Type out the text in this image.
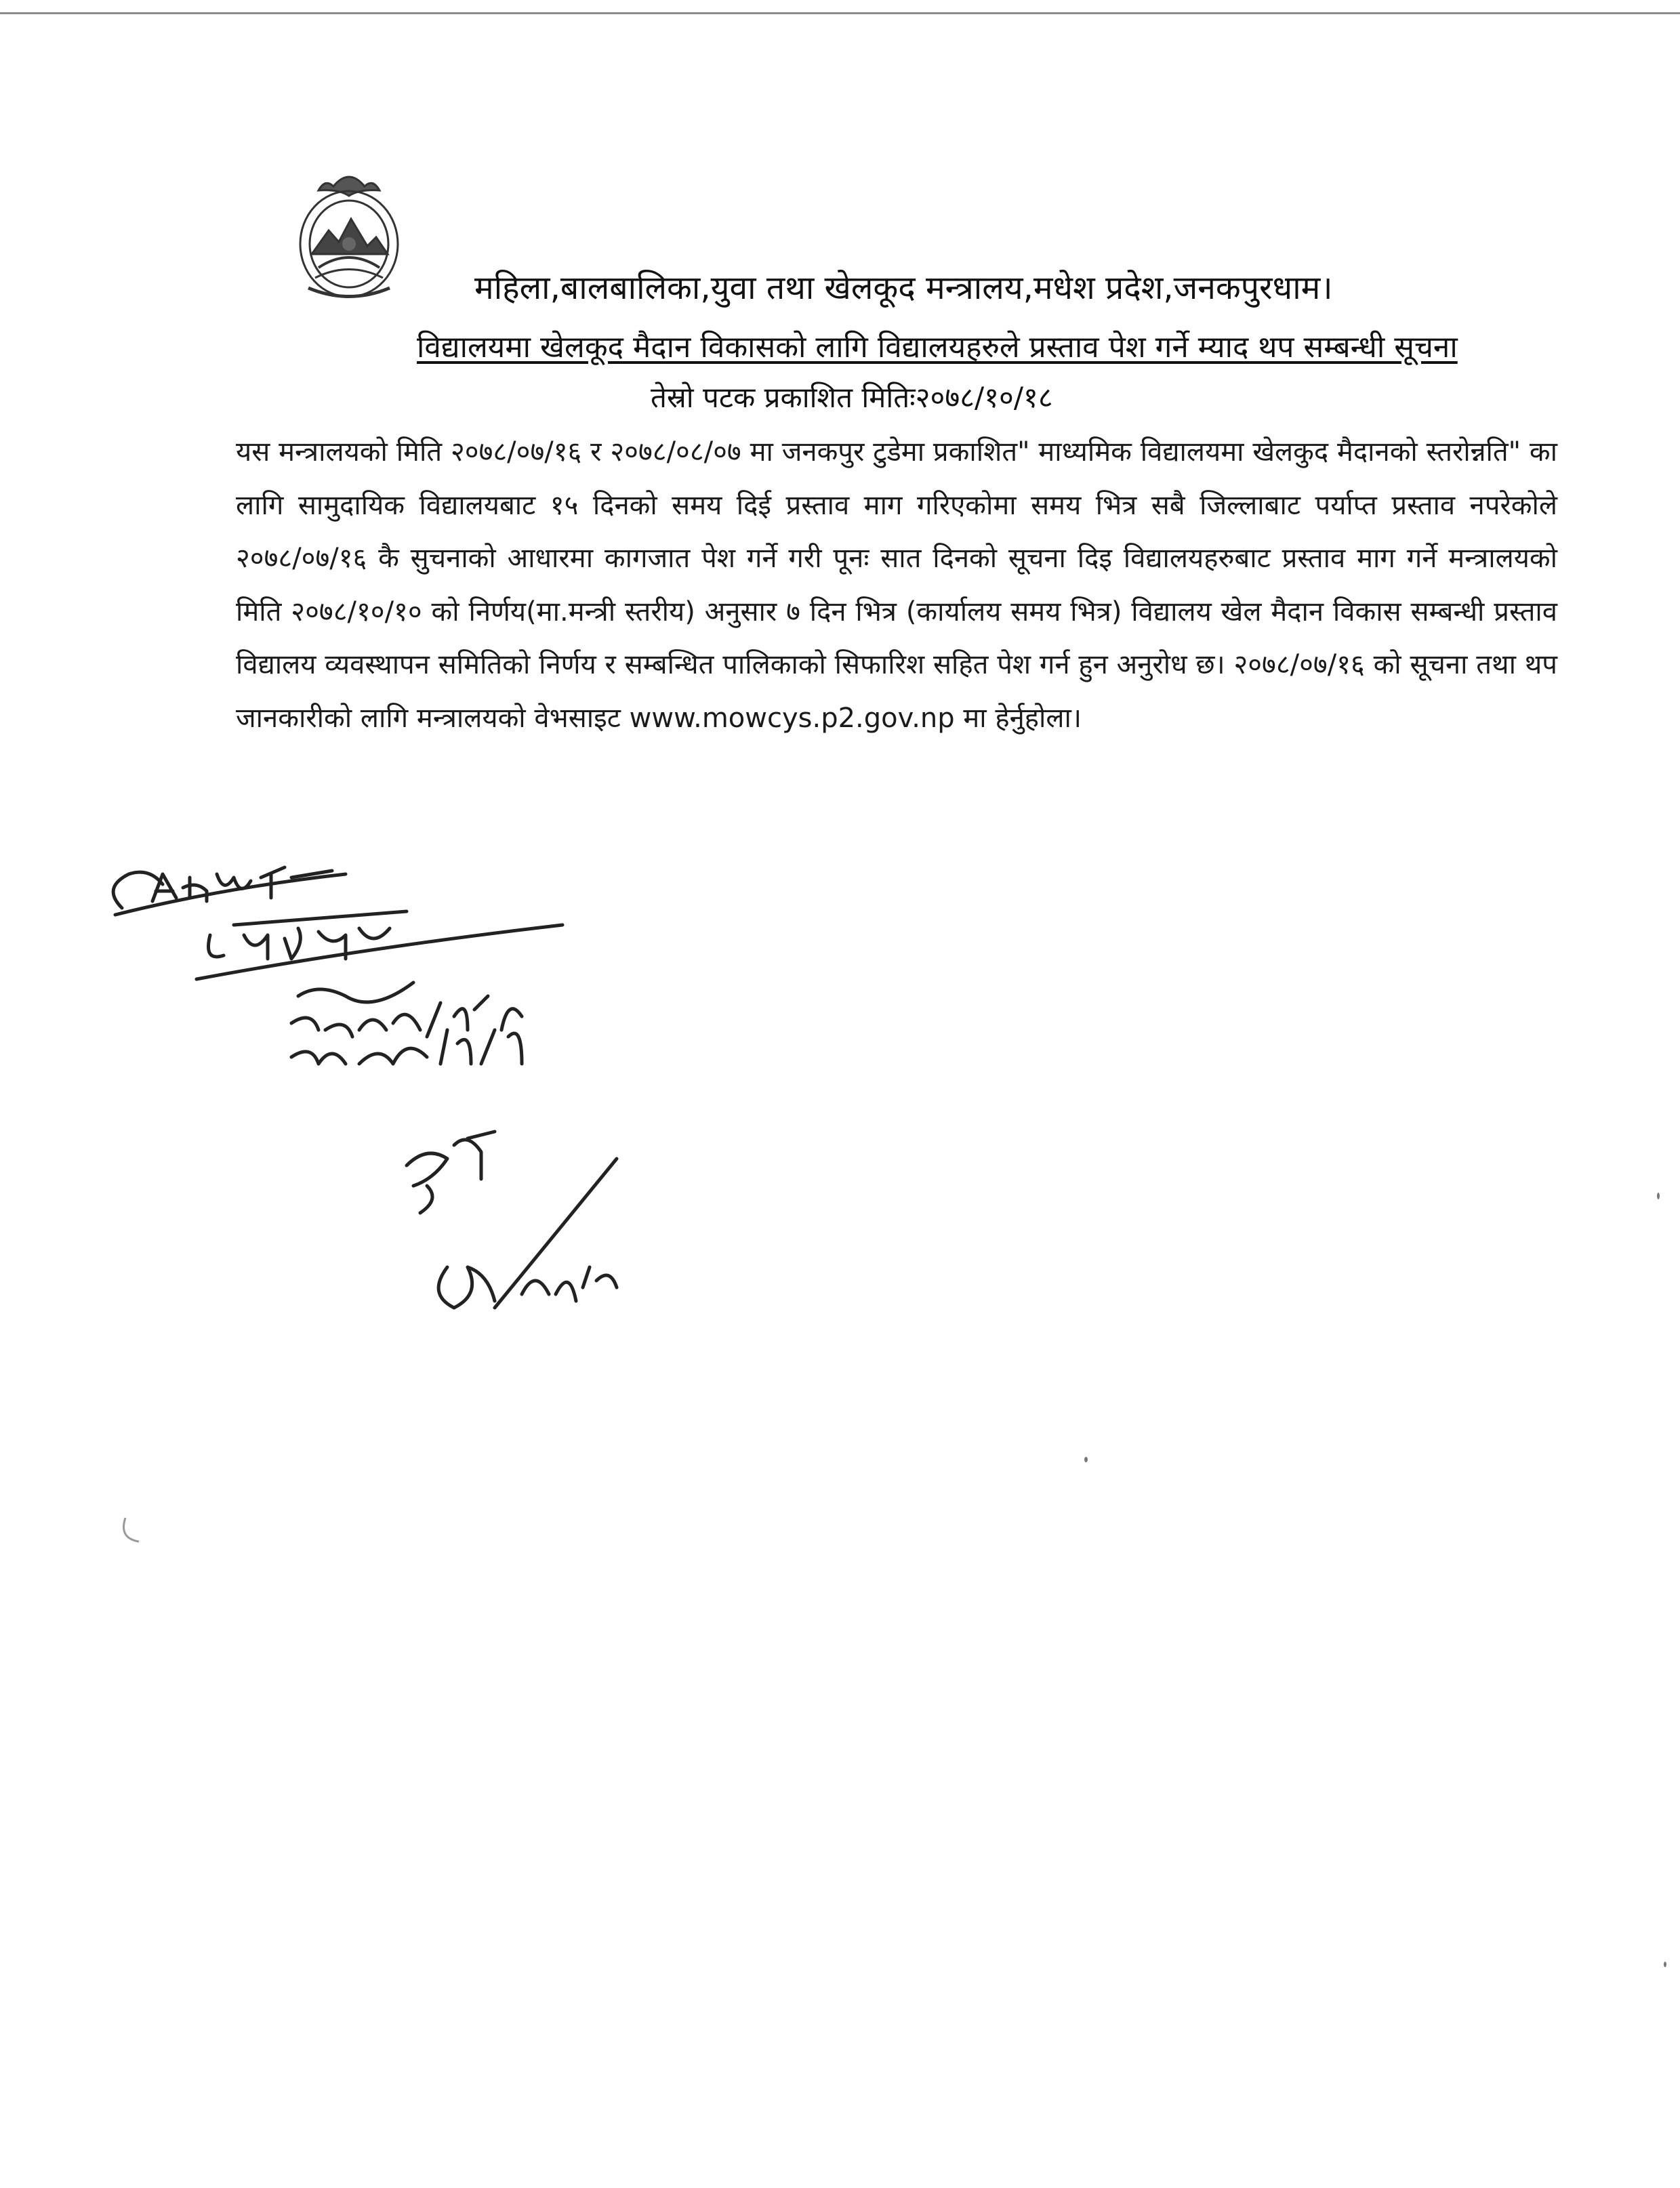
महिला,बालबालिका,युवा तथा खेलकूद मन्त्रालय,मधेश प्रदेश,जनकपुरधाम।
विद्यालयमा खेलकूद मैदान विकासको लागि विद्यालयहरुले प्रस्ताव पेश गर्ने म्याद थप सम्बन्धी सूचना
तेस्रो पटक प्रकाशित मितिः२०७८/१०/१८
यस मन्त्रालयको मिति २०७८/०७/१६ र २०७८/०८/०७ मा जनकपुर टुडेमा प्रकाशित" माध्यमिक विद्यालयमा खेलकुद मैदानको स्तरोन्नति" का लागि सामुदायिक विद्यालयबाट १५ दिनको समय दिई प्रस्ताव माग गरिएकोमा समय भित्र सबै जिल्लाबाट पर्याप्त प्रस्ताव नपरेकोले २०७८/०७/१६ कै सुचनाको आधारमा कागजात पेश गर्ने गरी पूनः सात दिनको सूचना दिइ विद्यालयहरुबाट प्रस्ताव माग गर्ने मन्त्रालयको मिति २०७८/१०/१० को निर्णय(मा.मन्त्री स्तरीय) अनुसार ७ दिन भित्र (कार्यालय समय भित्र) विद्यालय खेल मैदान विकास सम्बन्धी प्रस्ताव विद्यालय व्यवस्थापन समितिको निर्णय र सम्बन्धित पालिकाको सिफारिश सहित पेश गर्न हुन अनुरोध छ। २०७८/०७/१६ को सूचना तथा थप जानकारीको लागि मन्त्रालयको वेभसाइट www.mowcys.p2.gov.np मा हेर्नुहोला।
